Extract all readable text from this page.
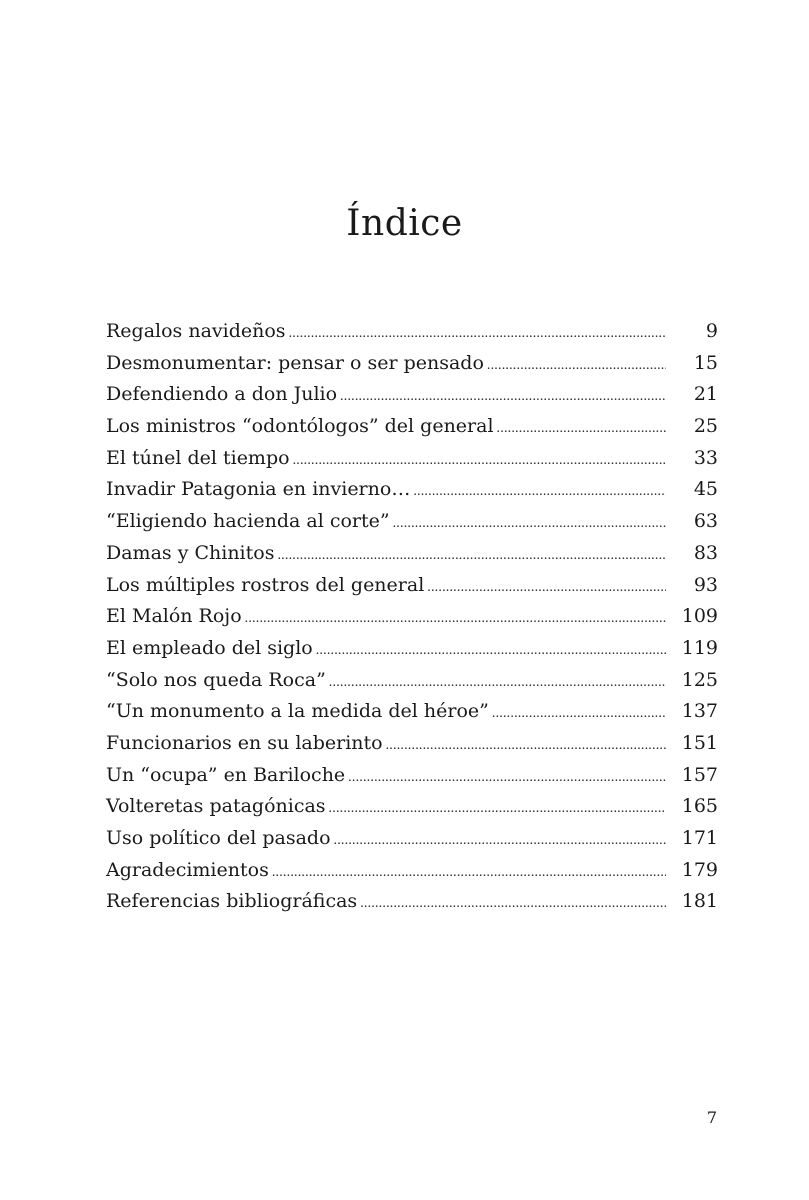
Índice
Regalos navideños .....	9
Desmonumentar: pensar o ser pensado .....	15
Defendiendo a don Julio .....	21
Los ministros “odontólogos” del general .....	25
El túnel del tiempo .....	33
Invadir Patagonia en invierno… .....	45
“Eligiendo hacienda al corte” .....	63
Damas y Chinitos .....	83
Los múltiples rostros del general .....	93
El Malón Rojo .....	109
El empleado del siglo .....	119
“Solo nos queda Roca” .....	125
“Un monumento a la medida del héroe” .....	137
Funcionarios en su laberinto .....	151
Un “ocupa” en Bariloche .....	157
Volteretas patagónicas .....	165
Uso político del pasado .....	171
Agradecimientos .....	179
Referencias bibliográficas .....	181
7
